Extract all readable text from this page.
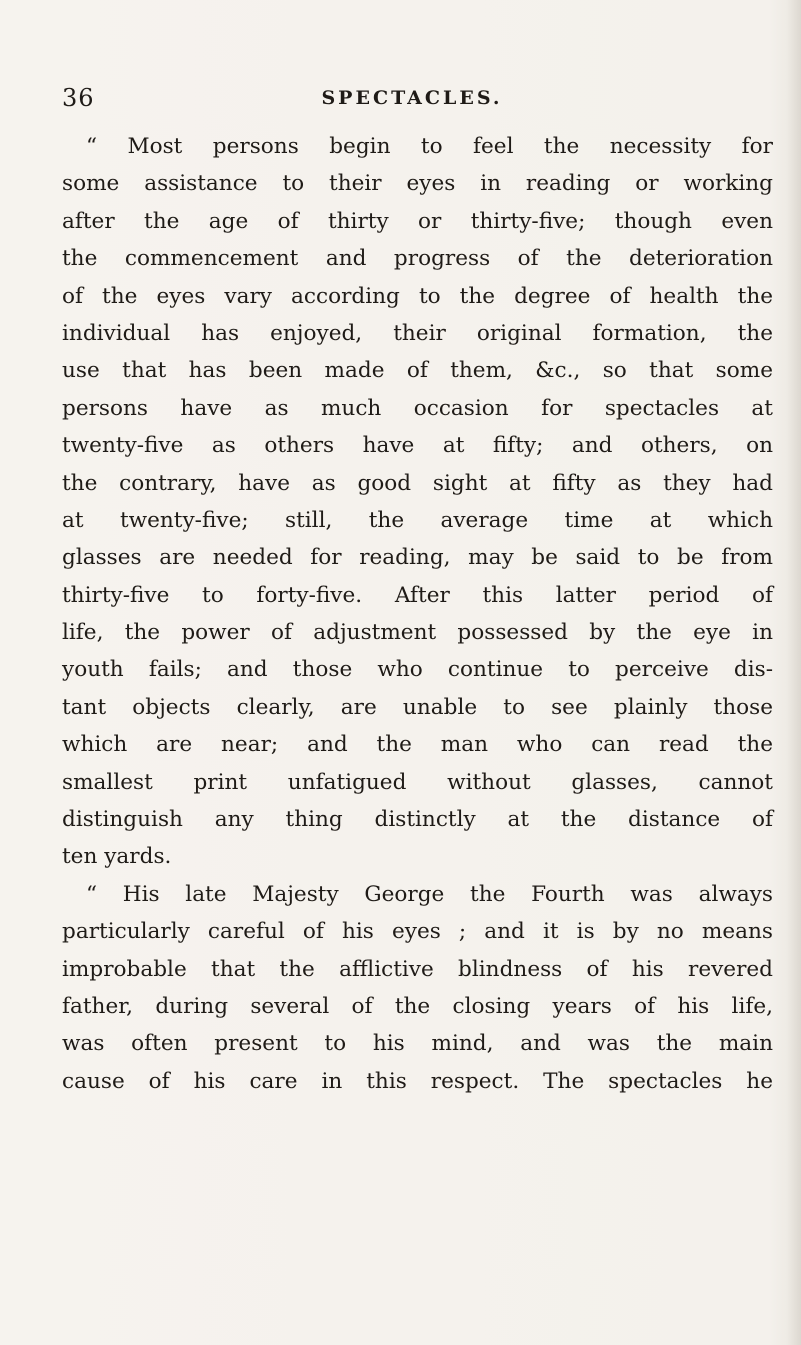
36	SPECTACLES.
“ Most persons begin to feel the necessity for
some assistance to their eyes in reading or working
after the age of thirty or thirty-five; though even
the commencement and progress of the deterioration
of the eyes vary according to the degree of health the
individual has enjoyed, their original formation, the
use that has been made of them, &c., so that some
persons have as much occasion for spectacles at
twenty-five as others have at fifty; and others, on
the contrary, have as good sight at fifty as they had
at twenty-five; still, the average time at which
glasses are needed for reading, may be said to be from
thirty-five to forty-five. After this latter period of
life, the power of adjustment possessed by the eye in
youth fails; and those who continue to perceive dis-
tant objects clearly, are unable to see plainly those
which are near; and the man who can read the
smallest print unfatigued without glasses, cannot
distinguish any thing distinctly at the distance of
ten yards.
“ His late Majesty George the Fourth was always
particularly careful of his eyes ; and it is by no means
improbable that the afflictive blindness of his revered
father, during several of the closing years of his life,
was often present to his mind, and was the main
cause of his care in this respect. The spectacles he
